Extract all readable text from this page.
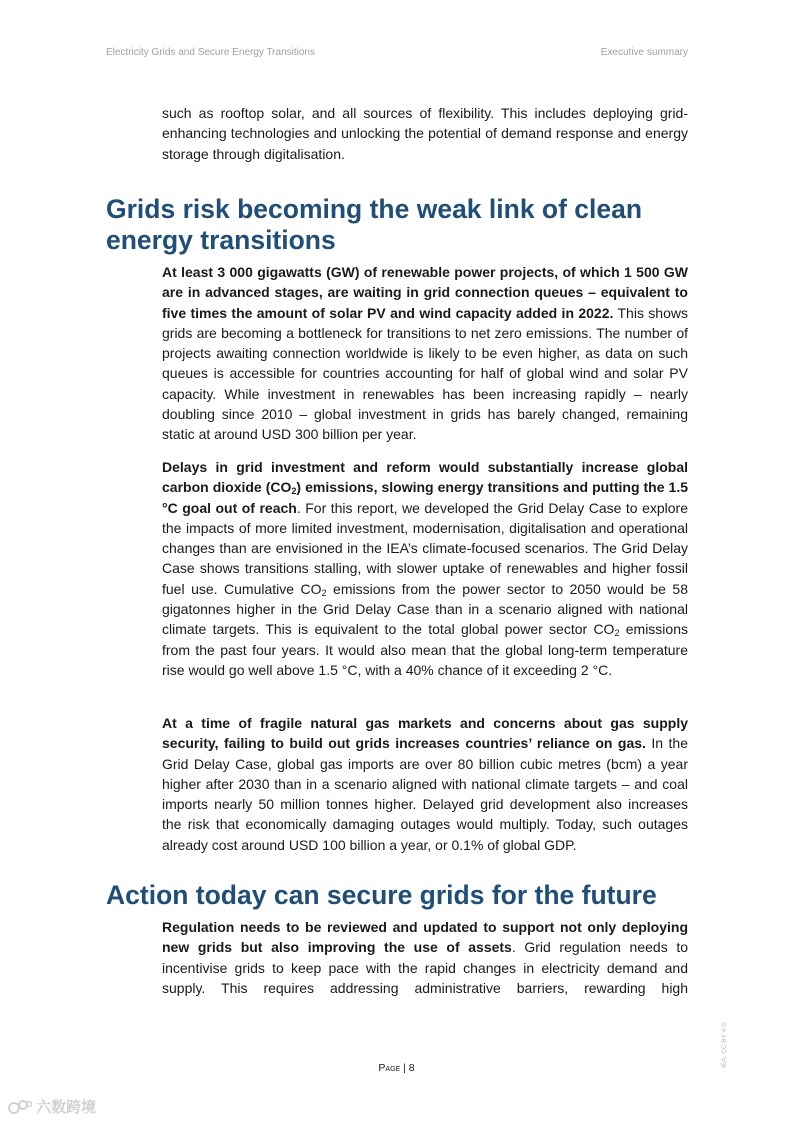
Electricity Grids and Secure Energy Transitions	Executive summary

such as rooftop solar, and all sources of flexibility. This includes deploying grid-enhancing technologies and unlocking the potential of demand response and energy storage through digitalisation.

Grids risk becoming the weak link of clean energy transitions

At least 3 000 gigawatts (GW) of renewable power projects, of which 1 500 GW are in advanced stages, are waiting in grid connection queues – equivalent to five times the amount of solar PV and wind capacity added in 2022. This shows grids are becoming a bottleneck for transitions to net zero emissions. The number of projects awaiting connection worldwide is likely to be even higher, as data on such queues is accessible for countries accounting for half of global wind and solar PV capacity. While investment in renewables has been increasing rapidly – nearly doubling since 2010 – global investment in grids has barely changed, remaining static at around USD 300 billion per year.

Delays in grid investment and reform would substantially increase global carbon dioxide $(CO_2)$ emissions, slowing energy transitions and putting the 1.5 °C goal out of reach. For this report, we developed the Grid Delay Case to explore the impacts of more limited investment, modernisation, digitalisation and operational changes than are envisioned in the IEA’s climate-focused scenarios. The Grid Delay Case shows transitions stalling, with slower uptake of renewables and higher fossil fuel use. Cumulative $CO_2$ emissions from the power sector to 2050 would be 58 gigatonnes higher in the Grid Delay Case than in a scenario aligned with national climate targets. This is equivalent to the total global power sector $CO_2$ emissions from the past four years. It would also mean that the global long-term temperature rise would go well above 1.5 °C, with a 40% chance of it exceeding 2 °C.

At a time of fragile natural gas markets and concerns about gas supply security, failing to build out grids increases countries’ reliance on gas. In the Grid Delay Case, global gas imports are over 80 billion cubic metres (bcm) a year higher after 2030 than in a scenario aligned with national climate targets – and coal imports nearly 50 million tonnes higher. Delayed grid development also increases the risk that economically damaging outages would multiply. Today, such outages already cost around USD 100 billion a year, or 0.1% of global GDP.

Action today can secure grids for the future

Regulation needs to be reviewed and updated to support not only deploying new grids but also improving the use of assets. Grid regulation needs to incentivise grids to keep pace with the rapid changes in electricity demand and supply. This requires addressing administrative barriers, rewarding high

Page | 8	IEA. CC BY 4.0.
六数跨境
